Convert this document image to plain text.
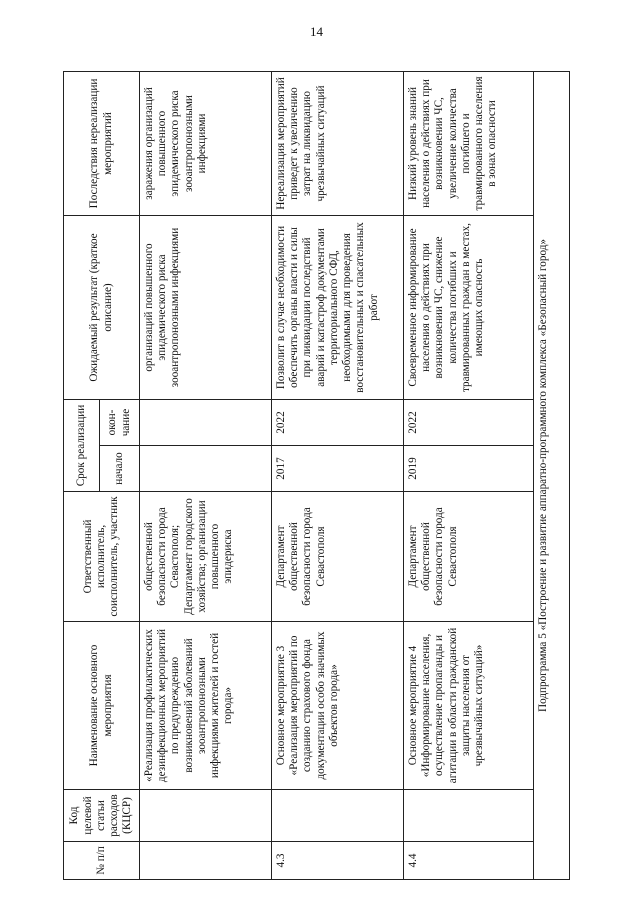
14
№ п/п	Код целевой статьи расходов (КЦСР)	Наименование основного мероприятия	Ответственный исполнитель, соисполнитель, участник	Срок реализации		Ожидаемый результат (краткое описание)	Последствия нереализации мероприятий
				начало	окон-чание		
		«Реализация профилактических дезинфекционных мероприятий по предупреждению возникновений заболеваний зооантропонозными инфекциями жителей и гостей города»	общественной безопасности города Севастополя; Департамент городского хозяйства; организации повышенного эпидериска			организаций повышенного эпидемического риска зооантропонозными инфекциями	заражения организаций повышенного эпидемического риска зооантропонозными инфекциями
4.3		Основное мероприятие 3 «Реализация мероприятий по созданию страхового фонда документации особо значимых объектов города»	Департамент общественной безопасности города Севастополя	2017	2022	Позволит в случае необходимости обеспечить органы власти и силы при ликвидации последствий аварий и катастроф документами территориального СФД, необходимыми для проведения восстановительных и спасательных работ	Нереализация мероприятий приведет к увеличению затрат на ликвидацию чрезвычайных ситуаций
4.4		Основное мероприятие 4 «Информирование населения, осуществление пропаганды и агитации в области гражданской защиты населения от чрезвычайных ситуаций»	Департамент общественной безопасности города Севастополя	2019	2022	Своевременное информирование населения о действиях при возникновении ЧС, снижение количества погибших и травмированных граждан в местах, имеющих опасность	Низкий уровень знаний населения о действиях при возникновении ЧС, увеличение количества погибшего и травмированного населения в зонах опасности
Подпрограмма 5 «Построение и развитие аппаратно-программного комплекса «Безопасный город»							
